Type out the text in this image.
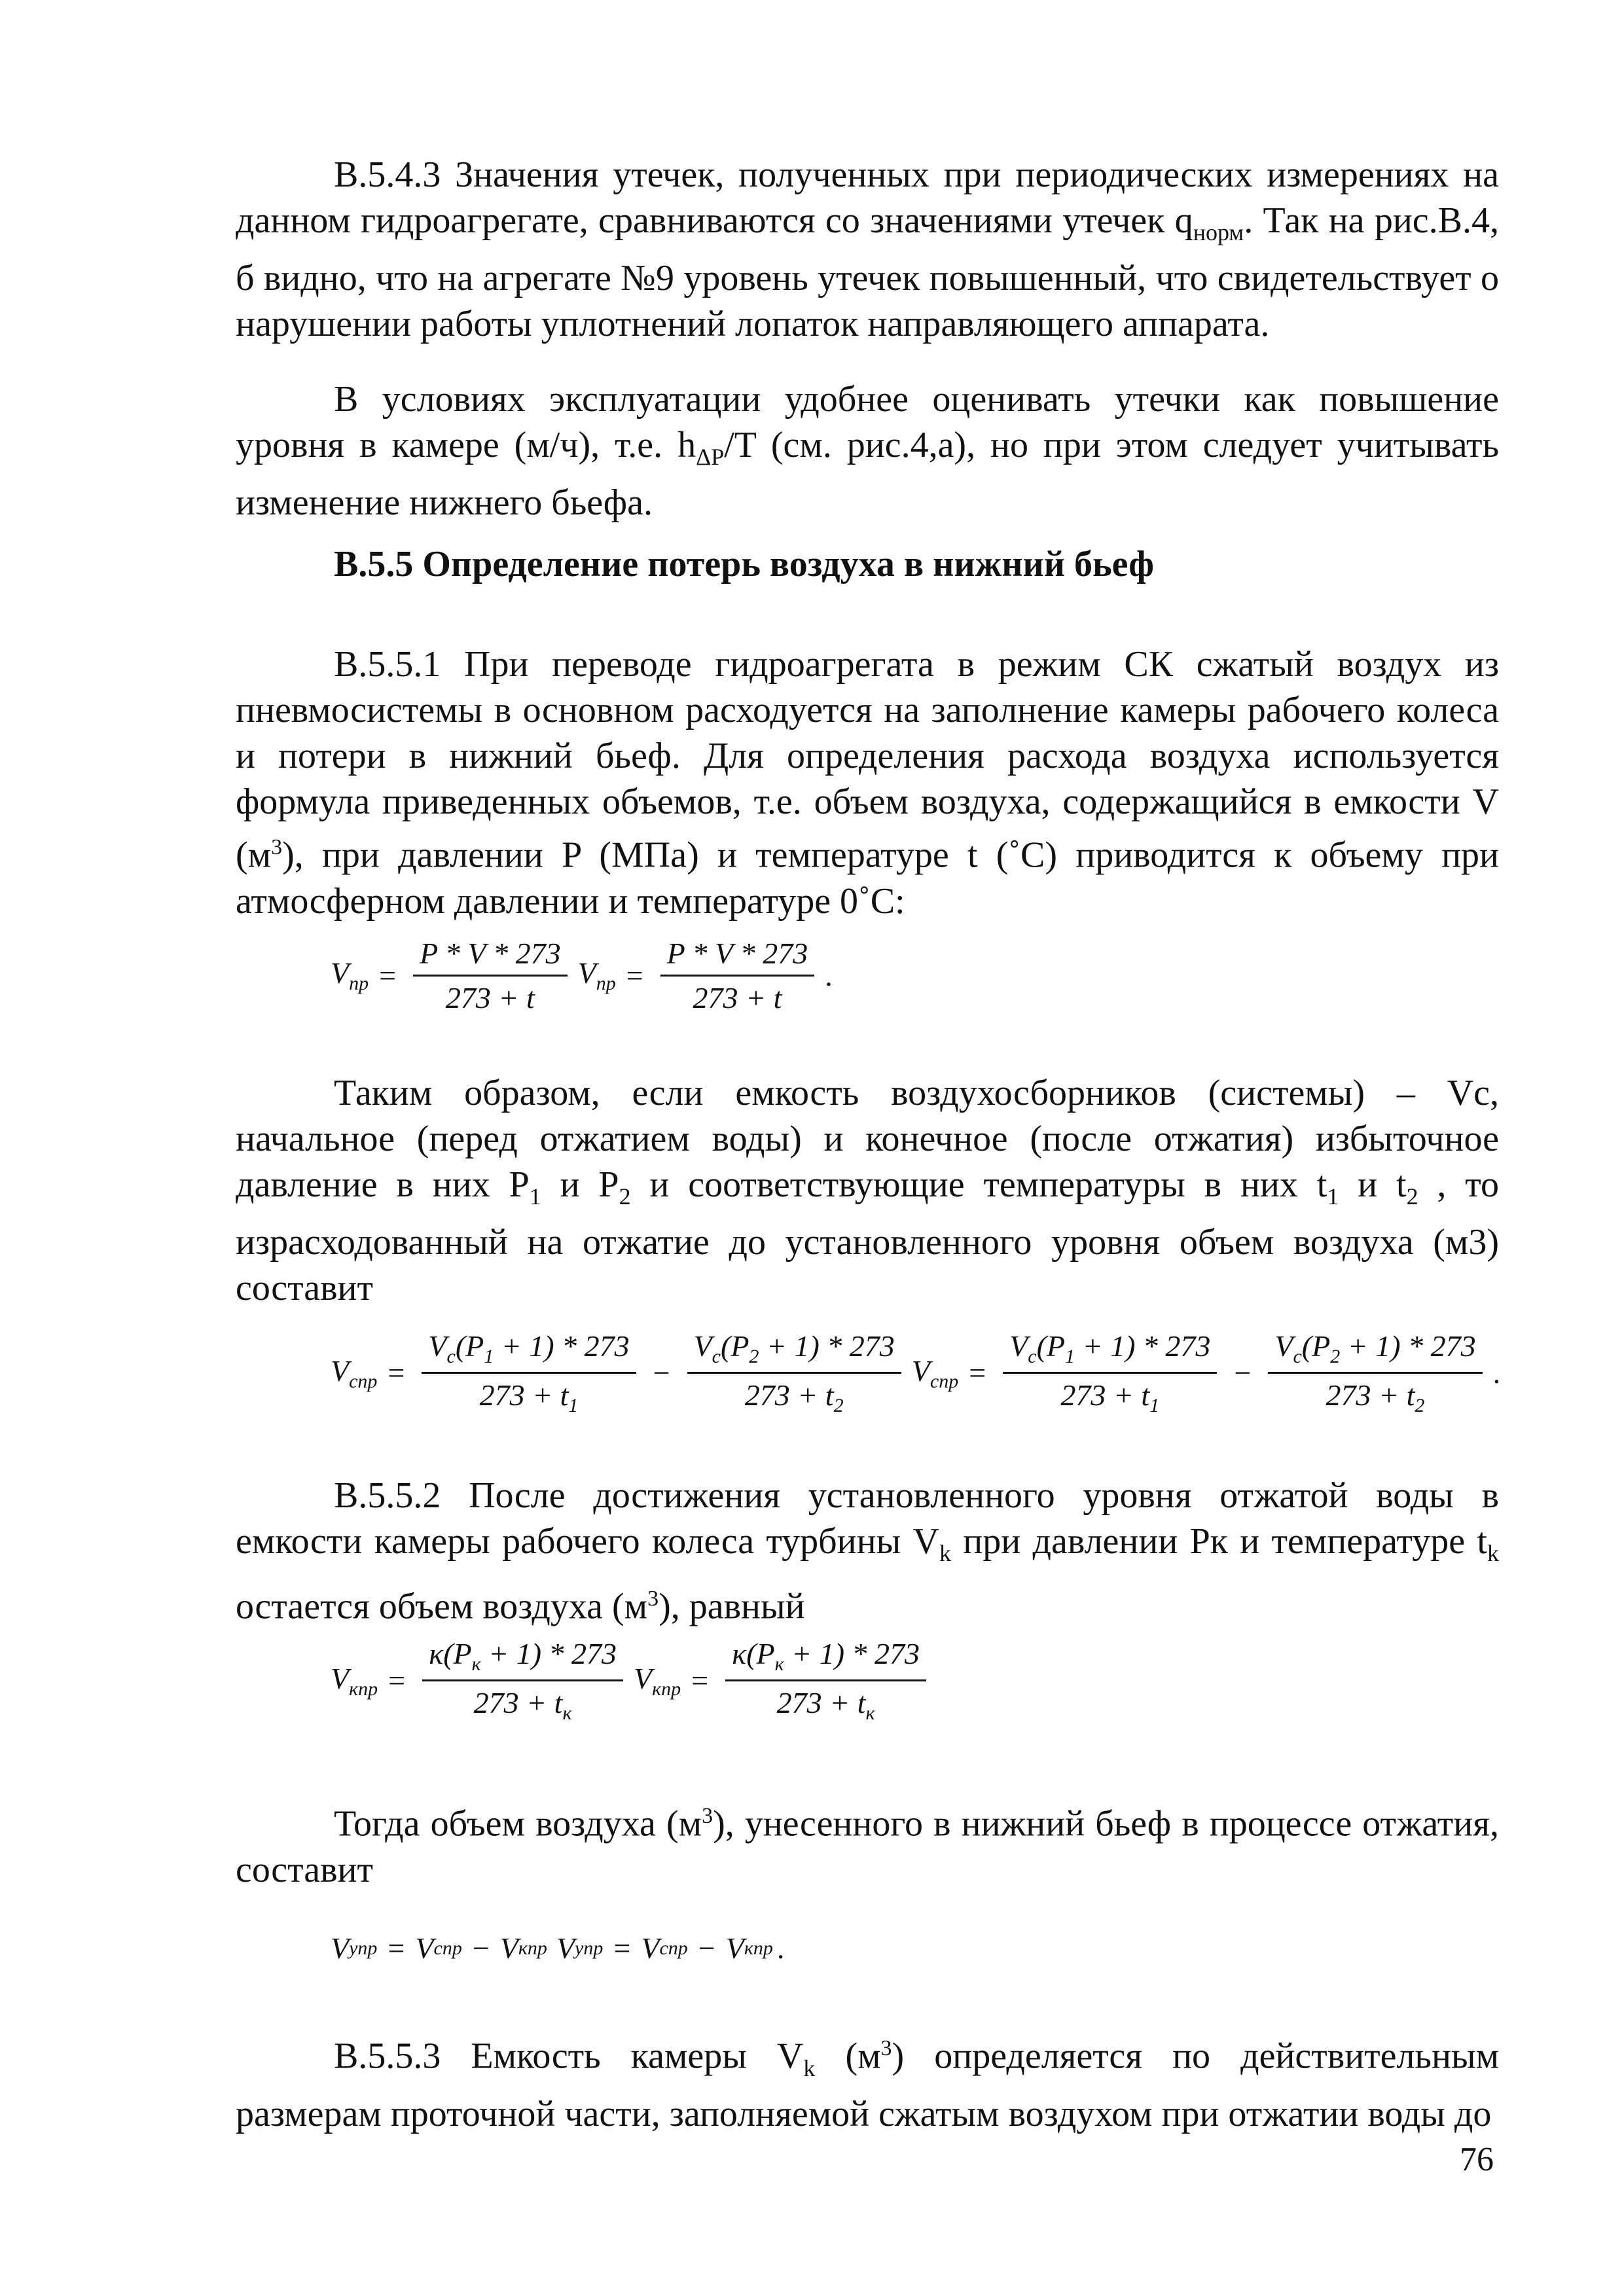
В.5.4.3 Значения утечек, полученных при периодических измерениях на данном гидроагрегате, сравниваются со значениями утечек $q_{норм}$. Так на рис.В.4, б видно, что на агрегате №9 уровень утечек повышенный, что свидетельствует о нарушении работы уплотнений лопаток направляющего аппарата.

В условиях эксплуатации удобнее оценивать утечки как повышение уровня в камере (м/ч), т.е. $h_{\Delta P}/T$ (см. рис.4,а), но при этом следует учитывать изменение нижнего бьефа.

В.5.5 Определение потерь воздуха в нижний бьеф

В.5.5.1 При переводе гидроагрегата в режим СК сжатый воздух из пневмосистемы в основном расходуется на заполнение камеры рабочего колеса и потери в нижний бьеф. Для определения расхода воздуха используется формула приведенных объемов, т.е. объем воздуха, содержащийся в емкости V $(м^3)$, при давлении P (МПа) и температуре t (˚С) приводится к объему при атмосферном давлении и температуре 0˚С:

$V_{пр} = \frac{P * V * 273}{273 + t} V_{пр} = \frac{P * V * 273}{273 + t}$ .

Таким образом, если емкость воздухосборников (системы) – Vс, начальное (перед отжатием воды) и конечное (после отжатия) избыточное давление в них $P_1$ и $P_2$ и соответствующие температуры в них $t_1$ и $t_2$ , то израсходованный на отжатие до установленного уровня объем воздуха (м3) составит

$V_{спр} = \frac{V_c(P_1 + 1) * 273}{273 + t_1} - \frac{V_c(P_2 + 1) * 273}{273 + t_2} V_{спр} = \frac{V_c(P_1 + 1) * 273}{273 + t_1} - \frac{V_c(P_2 + 1) * 273}{273 + t_2}$ .

В.5.5.2 После достижения установленного уровня отжатой воды в емкости камеры рабочего колеса турбины $V_k$ при давлении Pк и температуре $t_k$ остается объем воздуха $(м^3)$, равный

$V_{кпр} = \frac{\kappa(P_к + 1) * 273}{273 + t_к} V_{кпр} = \frac{\kappa(P_к + 1) * 273}{273 + t_к}$

Тогда объем воздуха $(м^3)$, унесенного в нижний бьеф в процессе отжатия, составит

V упр = V спр − V кпр V упр = V спр − V кпр .

В.5.5.3 Емкость камеры $V_k$ $(м^3)$ определяется по действительным размерам проточной части, заполняемой сжатым воздухом при отжатии воды до

76
